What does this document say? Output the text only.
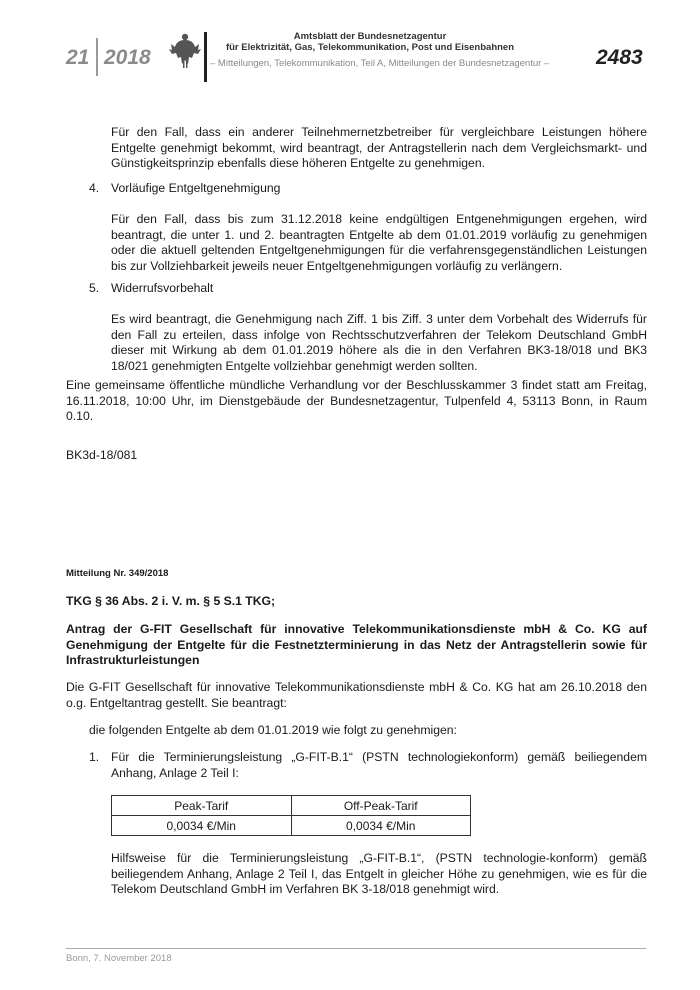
21 2018
Amtsblatt der Bundesnetzagentur
für Elektrizität, Gas, Telekommunikation, Post und Eisenbahnen
– Mitteilungen, Telekommunikation, Teil A, Mitteilungen der Bundesnetzagentur – 2483
Für den Fall, dass ein anderer Teilnehmernetzbetreiber für vergleichbare Leistungen höhere Entgelte genehmigt bekommt, wird beantragt, der Antragstellerin nach dem Vergleichsmarkt- und Günstigkeitsprinzip ebenfalls diese höheren Entgelte zu genehmigen.
4. Vorläufige Entgeltgenehmigung
Für den Fall, dass bis zum 31.12.2018 keine endgültigen Entgenehmigungen ergehen, wird beantragt, die unter 1. und 2. beantragten Entgelte ab dem 01.01.2019 vorläufig zu genehmigen oder die aktuell geltenden Entgeltgenehmigungen für die verfahrensgegenständlichen Leistungen bis zur Vollziehbarkeit jeweils neuer Entgeltgenehmigungen vorläufig zu verlängern.
5. Widerrufsvorbehalt
Es wird beantragt, die Genehmigung nach Ziff. 1 bis Ziff. 3 unter dem Vorbehalt des Widerrufs für den Fall zu erteilen, dass infolge von Rechtsschutzverfahren der Telekom Deutschland GmbH dieser mit Wirkung ab dem 01.01.2019 höhere als die in den Verfahren BK3-18/018 und BK3 18/021 genehmigten Entgelte vollziehbar genehmigt werden sollten.
Eine gemeinsame öffentliche mündliche Verhandlung vor der Beschlusskammer 3 findet statt am Freitag, 16.11.2018, 10:00 Uhr, im Dienstgebäude der Bundesnetzagentur, Tulpenfeld 4, 53113 Bonn, in Raum 0.10.
BK3d-18/081
Mitteilung Nr. 349/2018
TKG § 36 Abs. 2 i. V. m. § 5 S.1 TKG;
Antrag der G-FIT Gesellschaft für innovative Telekommunikationsdienste mbH & Co. KG auf Genehmigung der Entgelte für die Festnetzterminierung in das Netz der Antragstellerin sowie für Infrastrukturleistungen
Die G-FIT Gesellschaft für innovative Telekommunikationsdienste mbH & Co. KG hat am 26.10.2018 den o.g. Entgeltantrag gestellt. Sie beantragt:
die folgenden Entgelte ab dem 01.01.2019 wie folgt zu genehmigen:
1. Für die Terminierungsleistung „G-FIT-B.1“ (PSTN technologiekonform) gemäß beiliegendem Anhang, Anlage 2 Teil I:
Peak-Tarif	Off-Peak-Tarif
0,0034 €/Min	0,0034 €/Min
Hilfsweise für die Terminierungsleistung „G-FIT-B.1“, (PSTN technologie-konform) gemäß beiliegendem Anhang, Anlage 2 Teil I, das Entgelt in gleicher Höhe zu genehmigen, wie es für die Telekom Deutschland GmbH im Verfahren BK 3-18/018 genehmigt wird.
Bonn, 7. November 2018
